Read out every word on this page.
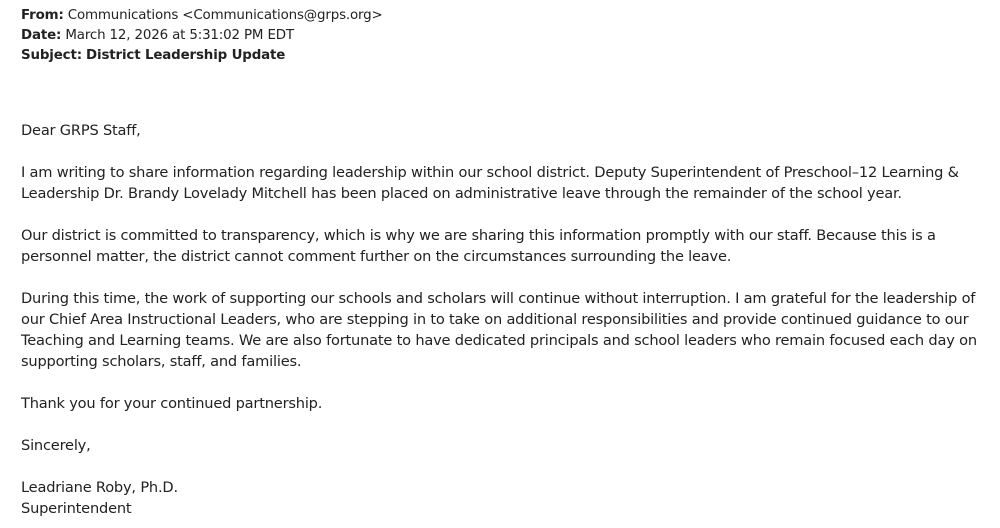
From: Communications <Communications@grps.org>
Date: March 12, 2026 at 5:31:02 PM EDT
Subject: District Leadership Update

Dear GRPS Staff,

I am writing to share information regarding leadership within our school district. Deputy Superintendent of Preschool–12 Learning & Leadership Dr. Brandy Lovelady Mitchell has been placed on administrative leave through the remainder of the school year.

Our district is committed to transparency, which is why we are sharing this information promptly with our staff. Because this is a personnel matter, the district cannot comment further on the circumstances surrounding the leave.

During this time, the work of supporting our schools and scholars will continue without interruption. I am grateful for the leadership of our Chief Area Instructional Leaders, who are stepping in to take on additional responsibilities and provide continued guidance to our Teaching and Learning teams. We are also fortunate to have dedicated principals and school leaders who remain focused each day on supporting scholars, staff, and families.

Thank you for your continued partnership.

Sincerely,

Leadriane Roby, Ph.D.
Superintendent
